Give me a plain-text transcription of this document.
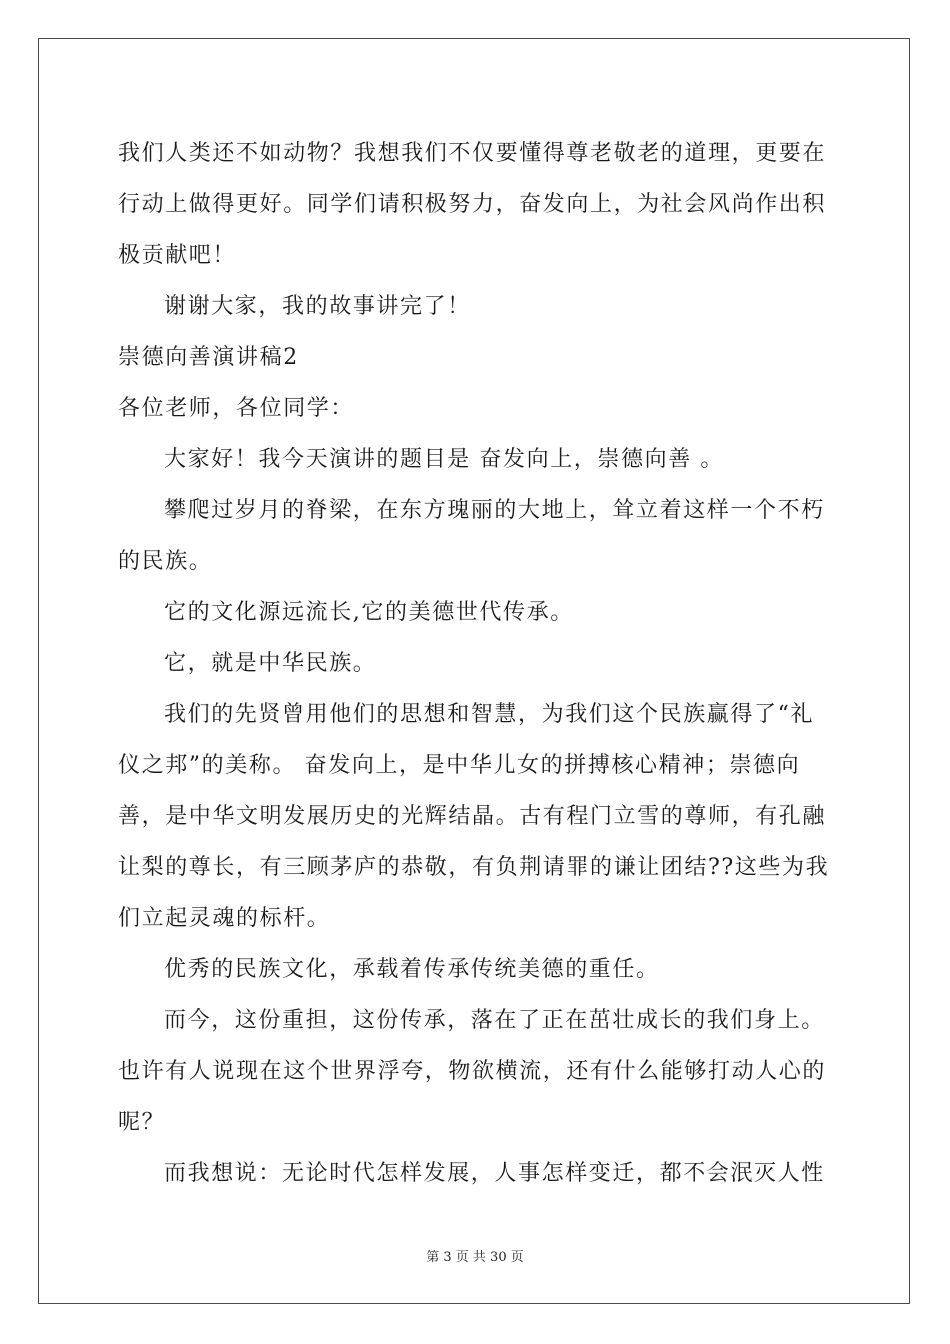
我们人类还不如动物？我想我们不仅要懂得尊老敬老的道理，更要在
行动上做得更好。同学们请积极努力，奋发向上，为社会风尚作出积
极贡献吧！
谢谢大家，我的故事讲完了！
崇德向善演讲稿2
各位老师，各位同学：
大家好！我今天演讲的题目是 奋发向上，崇德向善 。
攀爬过岁月的脊梁，在东方瑰丽的大地上，耸立着这样一个不朽
的民族。
它的文化源远流长,它的美德世代传承。
它，就是中华民族。
我们的先贤曾用他们的思想和智慧，为我们这个民族赢得了“礼
仪之邦”的美称。 奋发向上，是中华儿女的拼搏核心精神；崇德向
善，是中华文明发展历史的光辉结晶。古有程门立雪的尊师，有孔融
让梨的尊长，有三顾茅庐的恭敬，有负荆请罪的谦让团结??这些为我
们立起灵魂的标杆。
优秀的民族文化，承载着传承传统美德的重任。
而今，这份重担，这份传承，落在了正在茁壮成长的我们身上。
也许有人说现在这个世界浮夸，物欲横流，还有什么能够打动人心的
呢？
而我想说：无论时代怎样发展，人事怎样变迁，都不会泯灭人性
第 3 页 共 30 页
